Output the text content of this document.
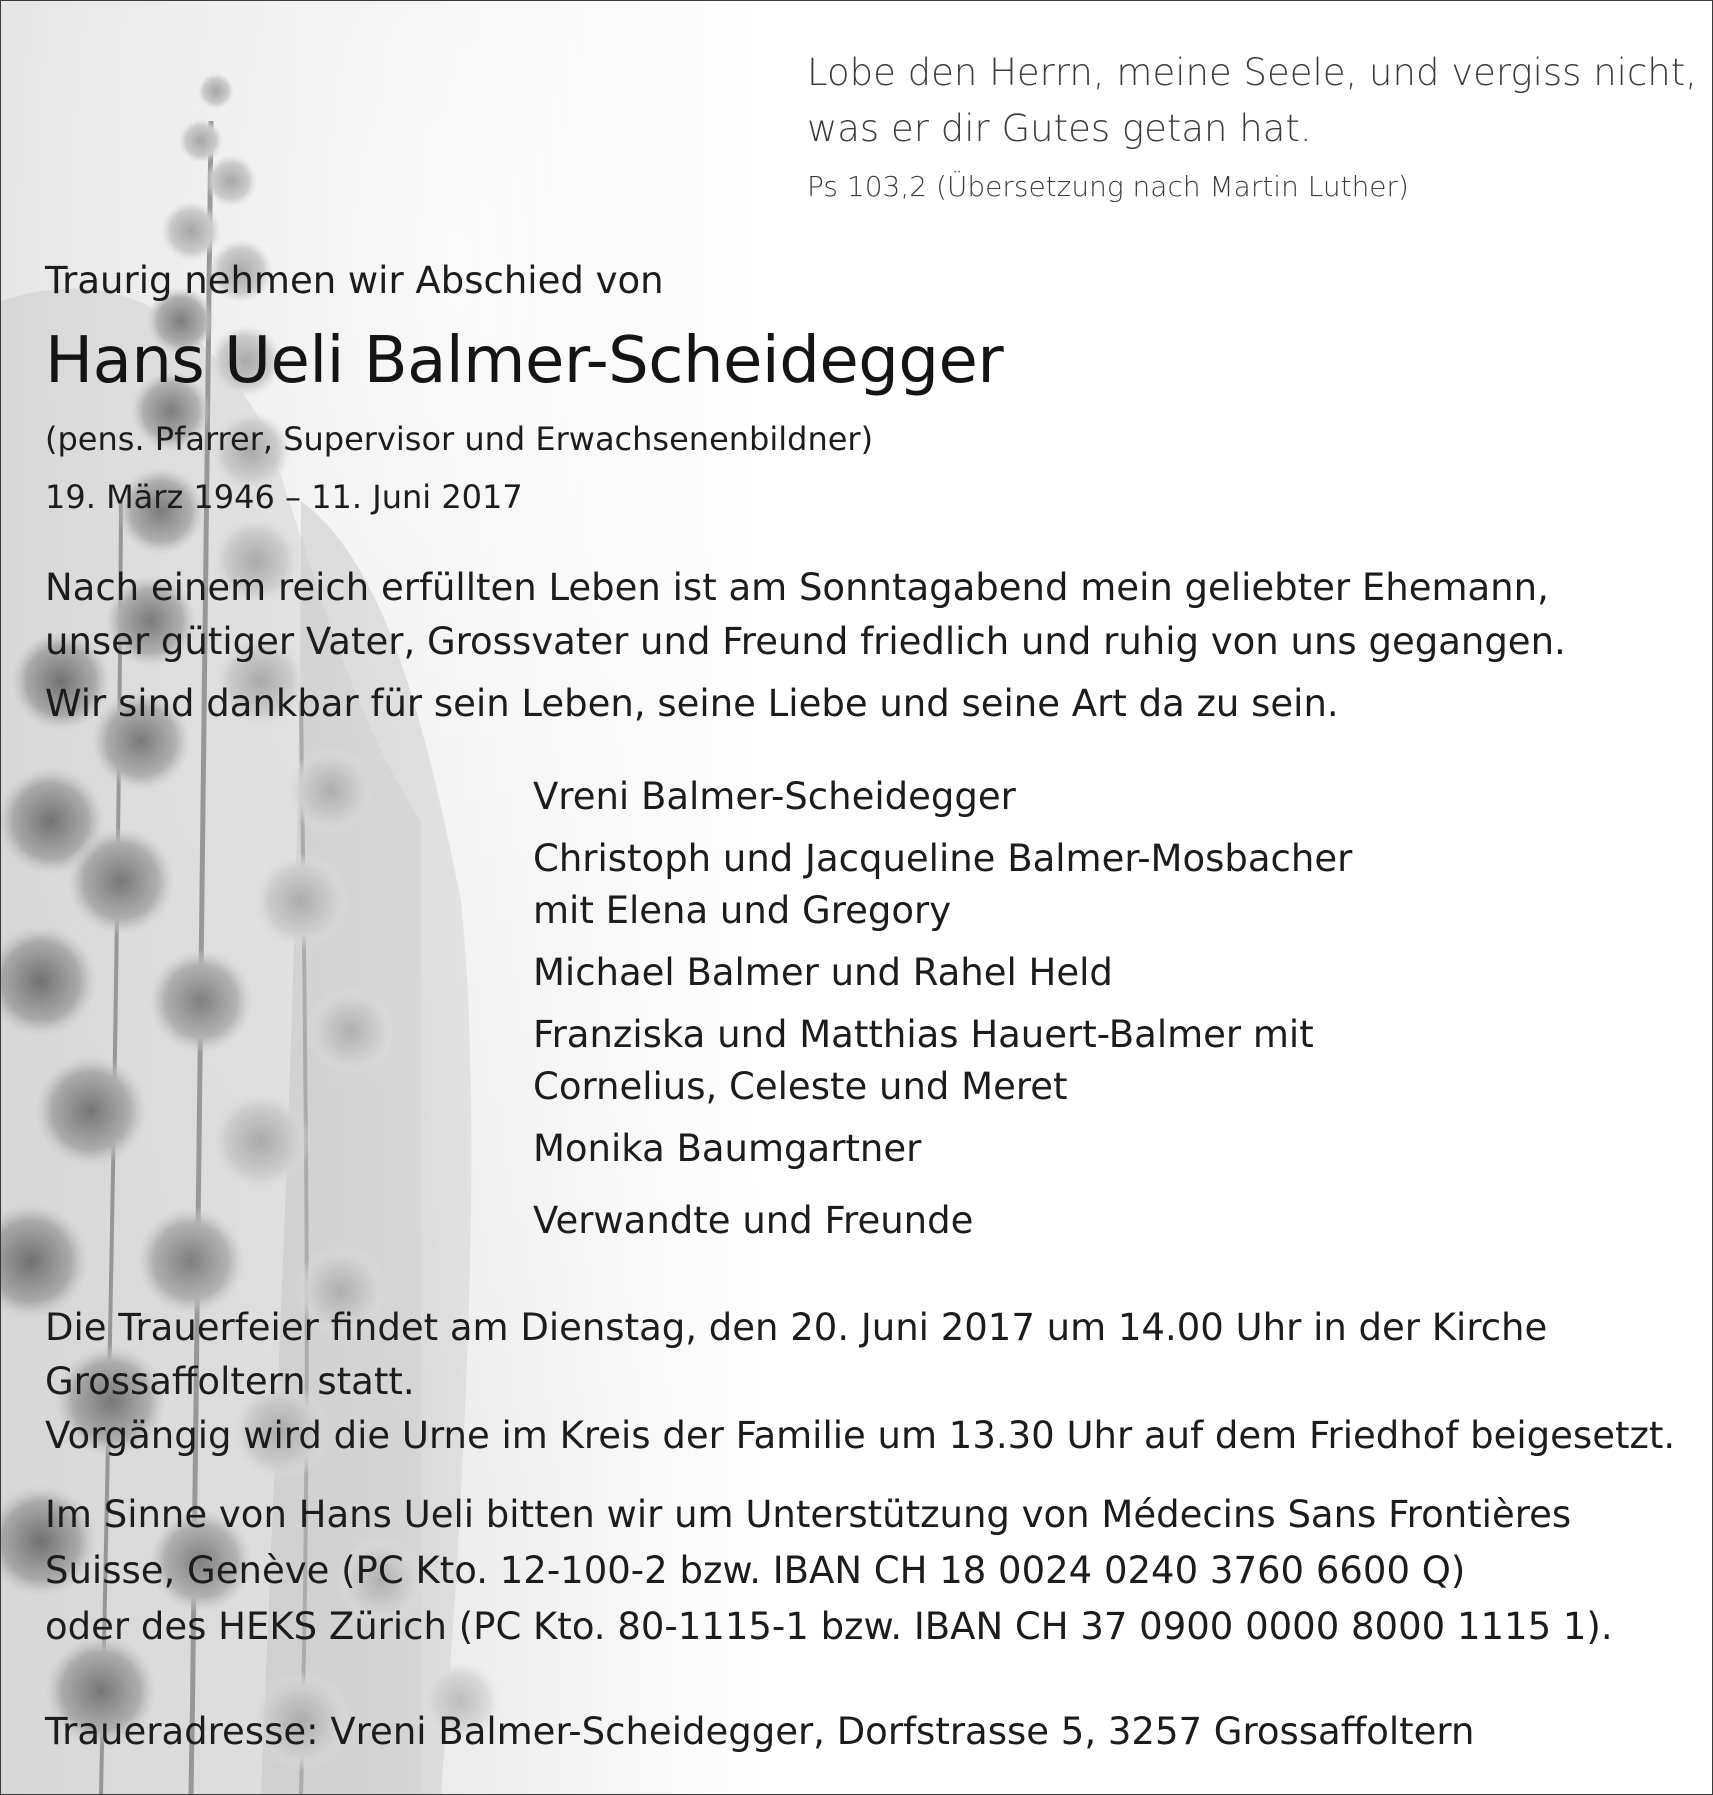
Lobe den Herrn, meine Seele, und vergiss nicht,
was er dir Gutes getan hat.
Ps 103,2 (Übersetzung nach Martin Luther)
Traurig nehmen wir Abschied von
Hans Ueli Balmer-Scheidegger
(pens. Pfarrer, Supervisor und Erwachsenenbildner)
19. März 1946 – 11. Juni 2017
Nach einem reich erfüllten Leben ist am Sonntagabend mein geliebter Ehemann,
unser gütiger Vater, Grossvater und Freund friedlich und ruhig von uns gegangen.
Wir sind dankbar für sein Leben, seine Liebe und seine Art da zu sein.
Vreni Balmer-Scheidegger
Christoph und Jacqueline Balmer-Mosbacher
mit Elena und Gregory
Michael Balmer und Rahel Held
Franziska und Matthias Hauert-Balmer mit
Cornelius, Celeste und Meret
Monika Baumgartner
Verwandte und Freunde
Die Trauerfeier findet am Dienstag, den 20. Juni 2017 um 14.00 Uhr in der Kirche
Grossaffoltern statt.
Vorgängig wird die Urne im Kreis der Familie um 13.30 Uhr auf dem Friedhof beigesetzt.
Im Sinne von Hans Ueli bitten wir um Unterstützung von Médecins Sans Frontières
Suisse, Genève (PC Kto. 12-100-2 bzw. IBAN CH 18 0024 0240 3760 6600 Q)
oder des HEKS Zürich (PC Kto. 80-1115-1 bzw. IBAN CH 37 0900 0000 8000 1115 1).
Traueradresse: Vreni Balmer-Scheidegger, Dorfstrasse 5, 3257 Grossaffoltern
